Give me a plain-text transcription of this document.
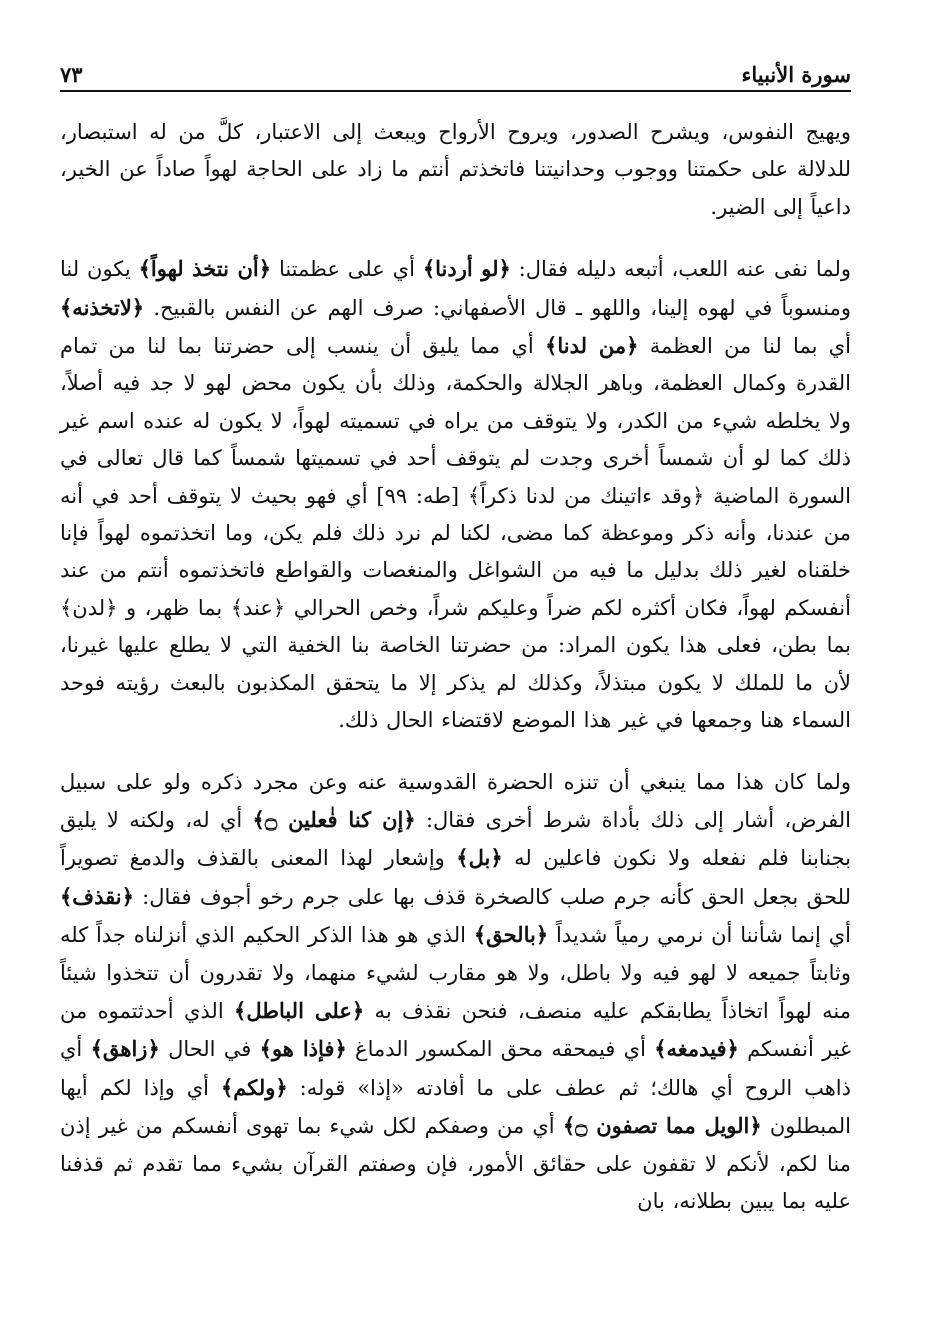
سورة الأنبياء
٧٣

ويهيج النفوس، ويشرح الصدور، ويروح الأرواح ويبعث إلى الاعتبار، كلَّ من له استبصار، للدلالة على حكمتنا ووجوب وحدانيتنا فاتخذتم أنتم ما زاد على الحاجة لهواً صاداً عن الخير، داعياً إلى الضير.

ولما نفى عنه اللعب، أتبعه دليله فقال: ﴿لو أردنا﴾ أي على عظمتنا ﴿أن نتخذ لهواً﴾ يكون لنا ومنسوباً في لهوه إلينا، واللهو ـ قال الأصفهاني: صرف الهم عن النفس بالقبيح. ﴿لاتخذنه﴾ أي بما لنا من العظمة ﴿من لدنا﴾ أي مما يليق أن ينسب إلى حضرتنا بما لنا من تمام القدرة وكمال العظمة، وباهر الجلالة والحكمة، وذلك بأن يكون محض لهو لا جد فيه أصلاً، ولا يخلطه شيء من الكدر، ولا يتوقف من يراه في تسميته لهواً، لا يكون له عنده اسم غير ذلك كما لو أن شمساً أخرى وجدت لم يتوقف أحد في تسميتها شمساً كما قال تعالى في السورة الماضية ﴿وقد ءاتينك من لدنا ذكراً﴾ [طه: ٩٩] أي فهو بحيث لا يتوقف أحد في أنه من عندنا، وأنه ذكر وموعظة كما مضى، لكنا لم نرد ذلك فلم يكن، وما اتخذتموه لهواً فإنا خلقناه لغير ذلك بدليل ما فيه من الشواغل والمنغصات والقواطع فاتخذتموه أنتم من عند أنفسكم لهواً، فكان أكثره لكم ضراً وعليكم شراً، وخص الحرالي ﴿عند﴾ بما ظهر، و ﴿لدن﴾ بما بطن، فعلى هذا يكون المراد: من حضرتنا الخاصة بنا الخفية التي لا يطلع عليها غيرنا، لأن ما للملك لا يكون مبتذلاً، وكذلك لم يذكر إلا ما يتحقق المكذبون بالبعث رؤيته فوحد السماء هنا وجمعها في غير هذا الموضع لاقتضاء الحال ذلك.

ولما كان هذا مما ينبغي أن تنزه الحضرة القدوسية عنه وعن مجرد ذكره ولو على سبيل الفرض، أشار إلى ذلك بأداة شرط أخرى فقال: ﴿إن كنا فٰعلين ۝﴾ أي له، ولكنه لا يليق بجنابنا فلم نفعله ولا نكون فاعلين له ﴿بل﴾ وإشعار لهذا المعنى بالقذف والدمغ تصويراً للحق بجعل الحق كأنه جرم صلب كالصخرة قذف بها على جرم رخو أجوف فقال: ﴿نقذف﴾ أي إنما شأننا أن نرمي رمياً شديداً ﴿بالحق﴾ الذي هو هذا الذكر الحكيم الذي أنزلناه جداً كله وثابتاً جميعه لا لهو فيه ولا باطل، ولا هو مقارب لشيء منهما، ولا تقدرون أن تتخذوا شيئاً منه لهواً اتخاذاً يطابقكم عليه منصف، فنحن نقذف به ﴿على الباطل﴾ الذي أحدثتموه من غير أنفسكم ﴿فيدمغه﴾ أي فيمحقه محق المكسور الدماغ ﴿فإذا هو﴾ في الحال ﴿زاهق﴾ أي ذاهب الروح أي هالك؛ ثم عطف على ما أفادته «إذا» قوله: ﴿ولكم﴾ أي وإذا لكم أيها المبطلون ﴿الويل مما تصفون ۝﴾ أي من وصفكم لكل شيء بما تهوى أنفسكم من غير إذن منا لكم، لأنكم لا تقفون على حقائق الأمور، فإن وصفتم القرآن بشيء مما تقدم ثم قذفنا عليه بما يبين بطلانه، بان
